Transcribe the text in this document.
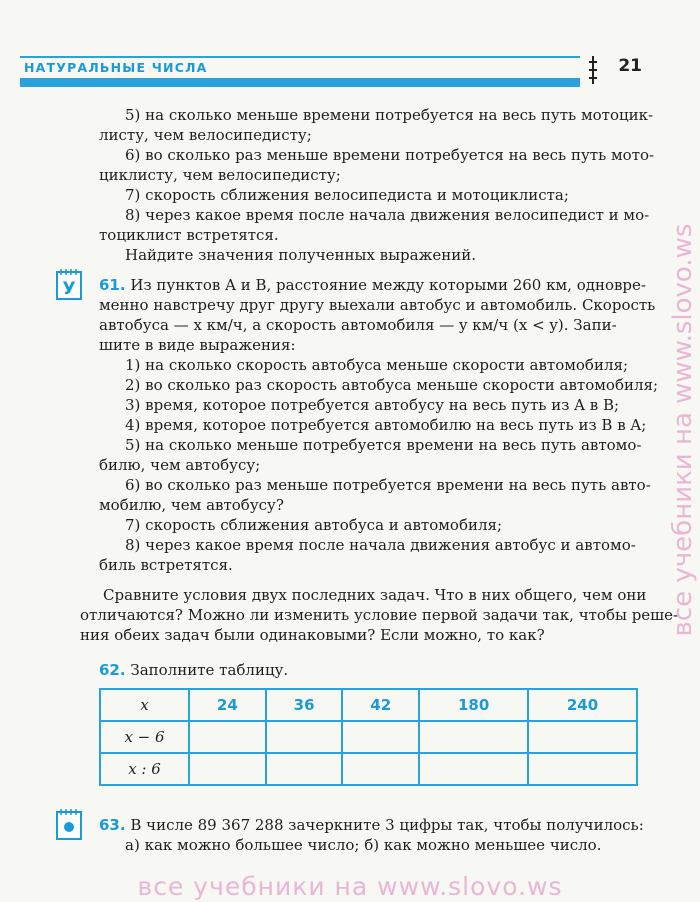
НАТУРАЛЬНЫЕ ЧИСЛА	21
5) на сколько меньше времени потребуется на весь путь мотоцик-
листу, чем велосипедисту;
6) во сколько раз меньше времени потребуется на весь путь мото-
циклисту, чем велосипедисту;
7) скорость сближения велосипедиста и мотоциклиста;
8) через какое время после начала движения велосипедист и мо-
тоциклист встретятся.
Найдите значения полученных выражений.
У 61. Из пунктов A и B, расстояние между которыми 260 км, одновре-
менно навстречу друг другу выехали автобус и автомобиль. Скорость
автобуса — x км/ч, а скорость автомобиля — y км/ч (x < y). Запи-
шите в виде выражения:
1) на сколько скорость автобуса меньше скорости автомобиля;
2) во сколько раз скорость автобуса меньше скорости автомобиля;
3) время, которое потребуется автобусу на весь путь из A в B;
4) время, которое потребуется автомобилю на весь путь из B в A;
5) на сколько меньше потребуется времени на весь путь автомо-
билю, чем автобусу;
6) во сколько раз меньше потребуется времени на весь путь авто-
мобилю, чем автобусу?
7) скорость сближения автобуса и автомобиля;
8) через какое время после начала движения автобус и автомо-
биль встретятся.
Сравните условия двух последних задач. Что в них общего, чем они
отличаются? Можно ли изменить условие первой задачи так, чтобы реше-
ния обеих задач были одинаковыми? Если можно, то как?
62. Заполните таблицу.
x	24	36	42	180	240
x − 6					
x : 6					
63. В числе 89 367 288 зачеркните 3 цифры так, чтобы получилось:
а) как можно большее число; б) как можно меньшее число.
все учебники на www.slovo.ws
все учебники на www.slovo.ws
